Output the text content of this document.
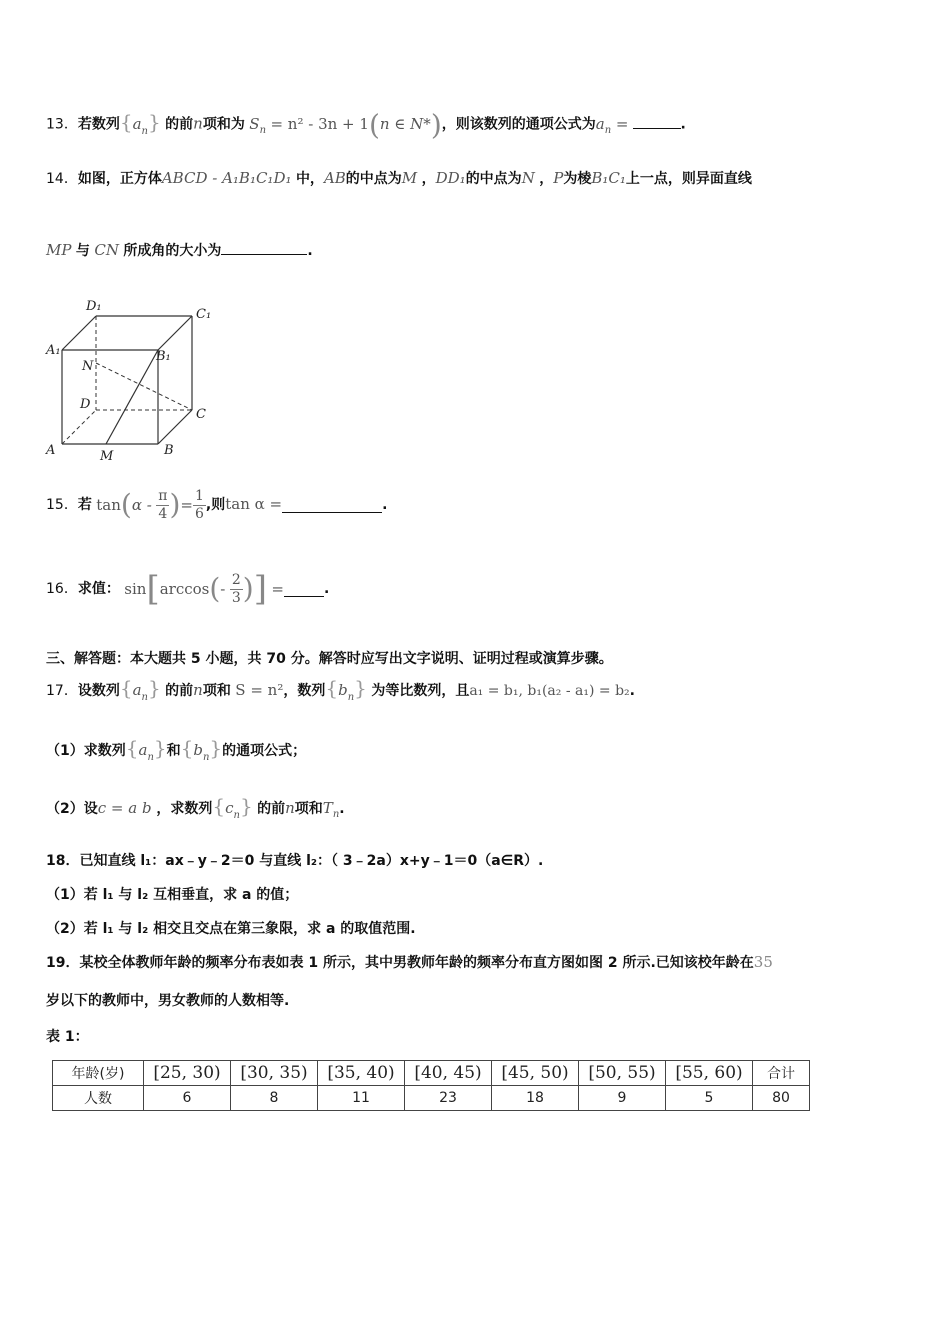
13．若数列$\{a_n\}$ 的前n项和为 $S_n = n^2 - 3n + 1(n$ ∈ N*)，则该数列的通项公式为$a_n$ =	.
14．如图，正方体ABCD - A₁B₁C₁D₁ 中，AB的中点为M ，DD₁的中点为N ，P为棱B₁C₁上一点，则异面直线
MP 与 CN 所成角的大小为	.
D₁
C₁
A₁	B₁
N
D
C
A	B
M
15．若 $\tan(\alpha - \frac{\pi}{4}$ )= $\frac{1}{6}$ ,则tan α =	.
16．求值： $\sin[\arccos(- \frac{2}{3}$ )] =	.
三、解答题：本大题共 5 小题，共 70 分。解答时应写出文字说明、证明过程或演算步骤。
17．设数列$\{a_n\}$ 的前n项和 S = n²，数列$\{b_n\}$ 为等比数列，且a₁ = b₁, b₁(a₂ - a₁) = b₂.
（1）求数列$\{a_n\}$和$\{b_n\}$的通项公式；
（2）设c = a b ，求数列$\{c_n\}$ 的前n项和$T_n$.
18．已知直线 l₁：ax﹣y﹣2＝0 与直线 l₂：（ 3﹣2a）x+y﹣1＝0（a∈R）.
（1）若 l₁ 与 l₂ 互相垂直，求 a 的值；
（2）若 l₁ 与 l₂ 相交且交点在第三象限，求 a 的取值范围.
19．某校全体教师年龄的频率分布表如表 1 所示，其中男教师年龄的频率分布直方图如图 2 所示.已知该校年龄在35
岁以下的教师中，男女教师的人数相等.
表 1：
年龄(岁)	[25, 30)	[30, 35)	[35, 40)	[40, 45)	[45, 50)	[50, 55)	[55, 60)	合计
人数	6	8	11	23	18	9	5	80
